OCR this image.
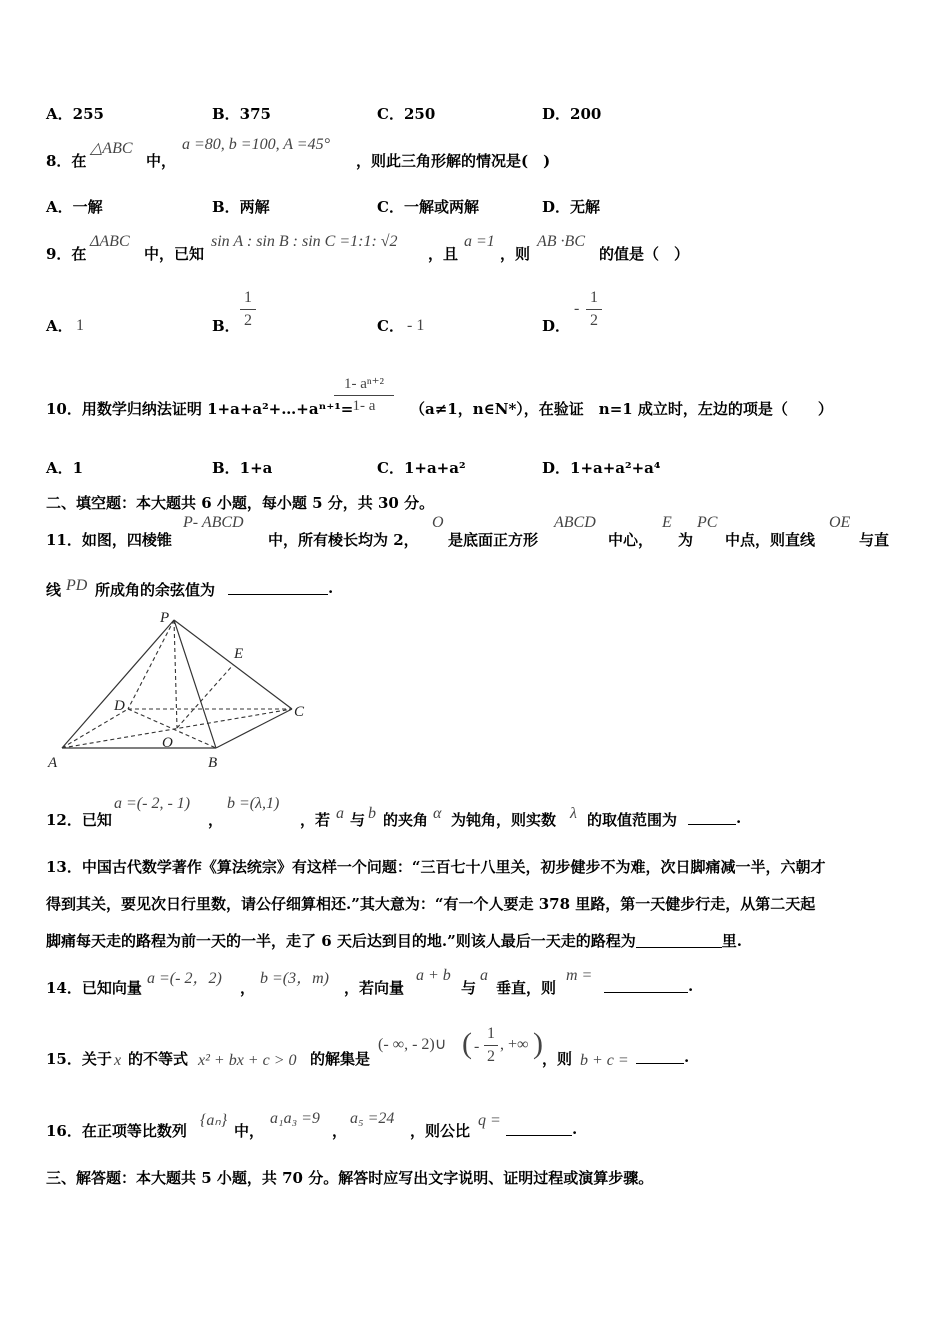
A．255	B．375	C．250	D．200
8．在
△ABC
中，
a =80, b =100, A =45°
，则此三角形解的情况是(　)
A．一解	B．两解	C．一解或两解	D．无解
9．在
ΔABC
中，已知
sin A : sin B : sin C =1:1: √2
，且
a =1
，则
AB ·BC
的值是（　）
A． 1	B．
1
2	C． - 1	D．
-
1
2
10．用数学归纳法证明 1+a+a²+…+aⁿ⁺¹=
1- aⁿ⁺²
1- a	（a≠1，n∈N*），在验证　n=1 成立时，左边的项是（　　）
A．1	B．1+a	C．1+a+a²	D．1+a+a²+a⁴
二、填空题：本大题共 6 小题，每小题 5 分，共 30 分。
11．如图，四棱锥
P- ABCD
中，所有棱长均为 2，
O
是底面正方形
ABCD
中心，
E
为
PC
中点，则直线
OE
与直
线 PD 所成角的余弦值为	.
P
E
D	C
O
A	B
12．已知
a =(- 2, - 1)
，
b =(λ,1)
，若 a 与 b 的夹角 α 为钝角，则实数 λ 的取值范围为	.
13．中国古代数学著作《算法统宗》有这样一个问题：“三百七十八里关，初步健步不为难，次日脚痛减一半，六朝才
得到其关，要见次日行里数，请公仔细算相还.”其大意为：“有一个人要走 378 里路，第一天健步行走，从第二天起
脚痛每天走的路程为前一天的一半，走了 6 天后达到目的地.”则该人最后一天走的路程为	里.
14．已知向量
a =(- 2，2)
，
b =(3，m)
，若向量
a + b
与
a
垂直，则
m =
.
15．关于 x 的不等式 x² + bx + c > 0 的解集是
(- ∞, - 2)∪ ( -
1
2
, +∞ ) ，则 b + c =	.
16．在正项等比数列
{aₙ}
中，
a₁a₃ =9
，
a₅ =24
，则公比
q =	.
三、解答题：本大题共 5 小题，共 70 分。解答时应写出文字说明、证明过程或演算步骤。
